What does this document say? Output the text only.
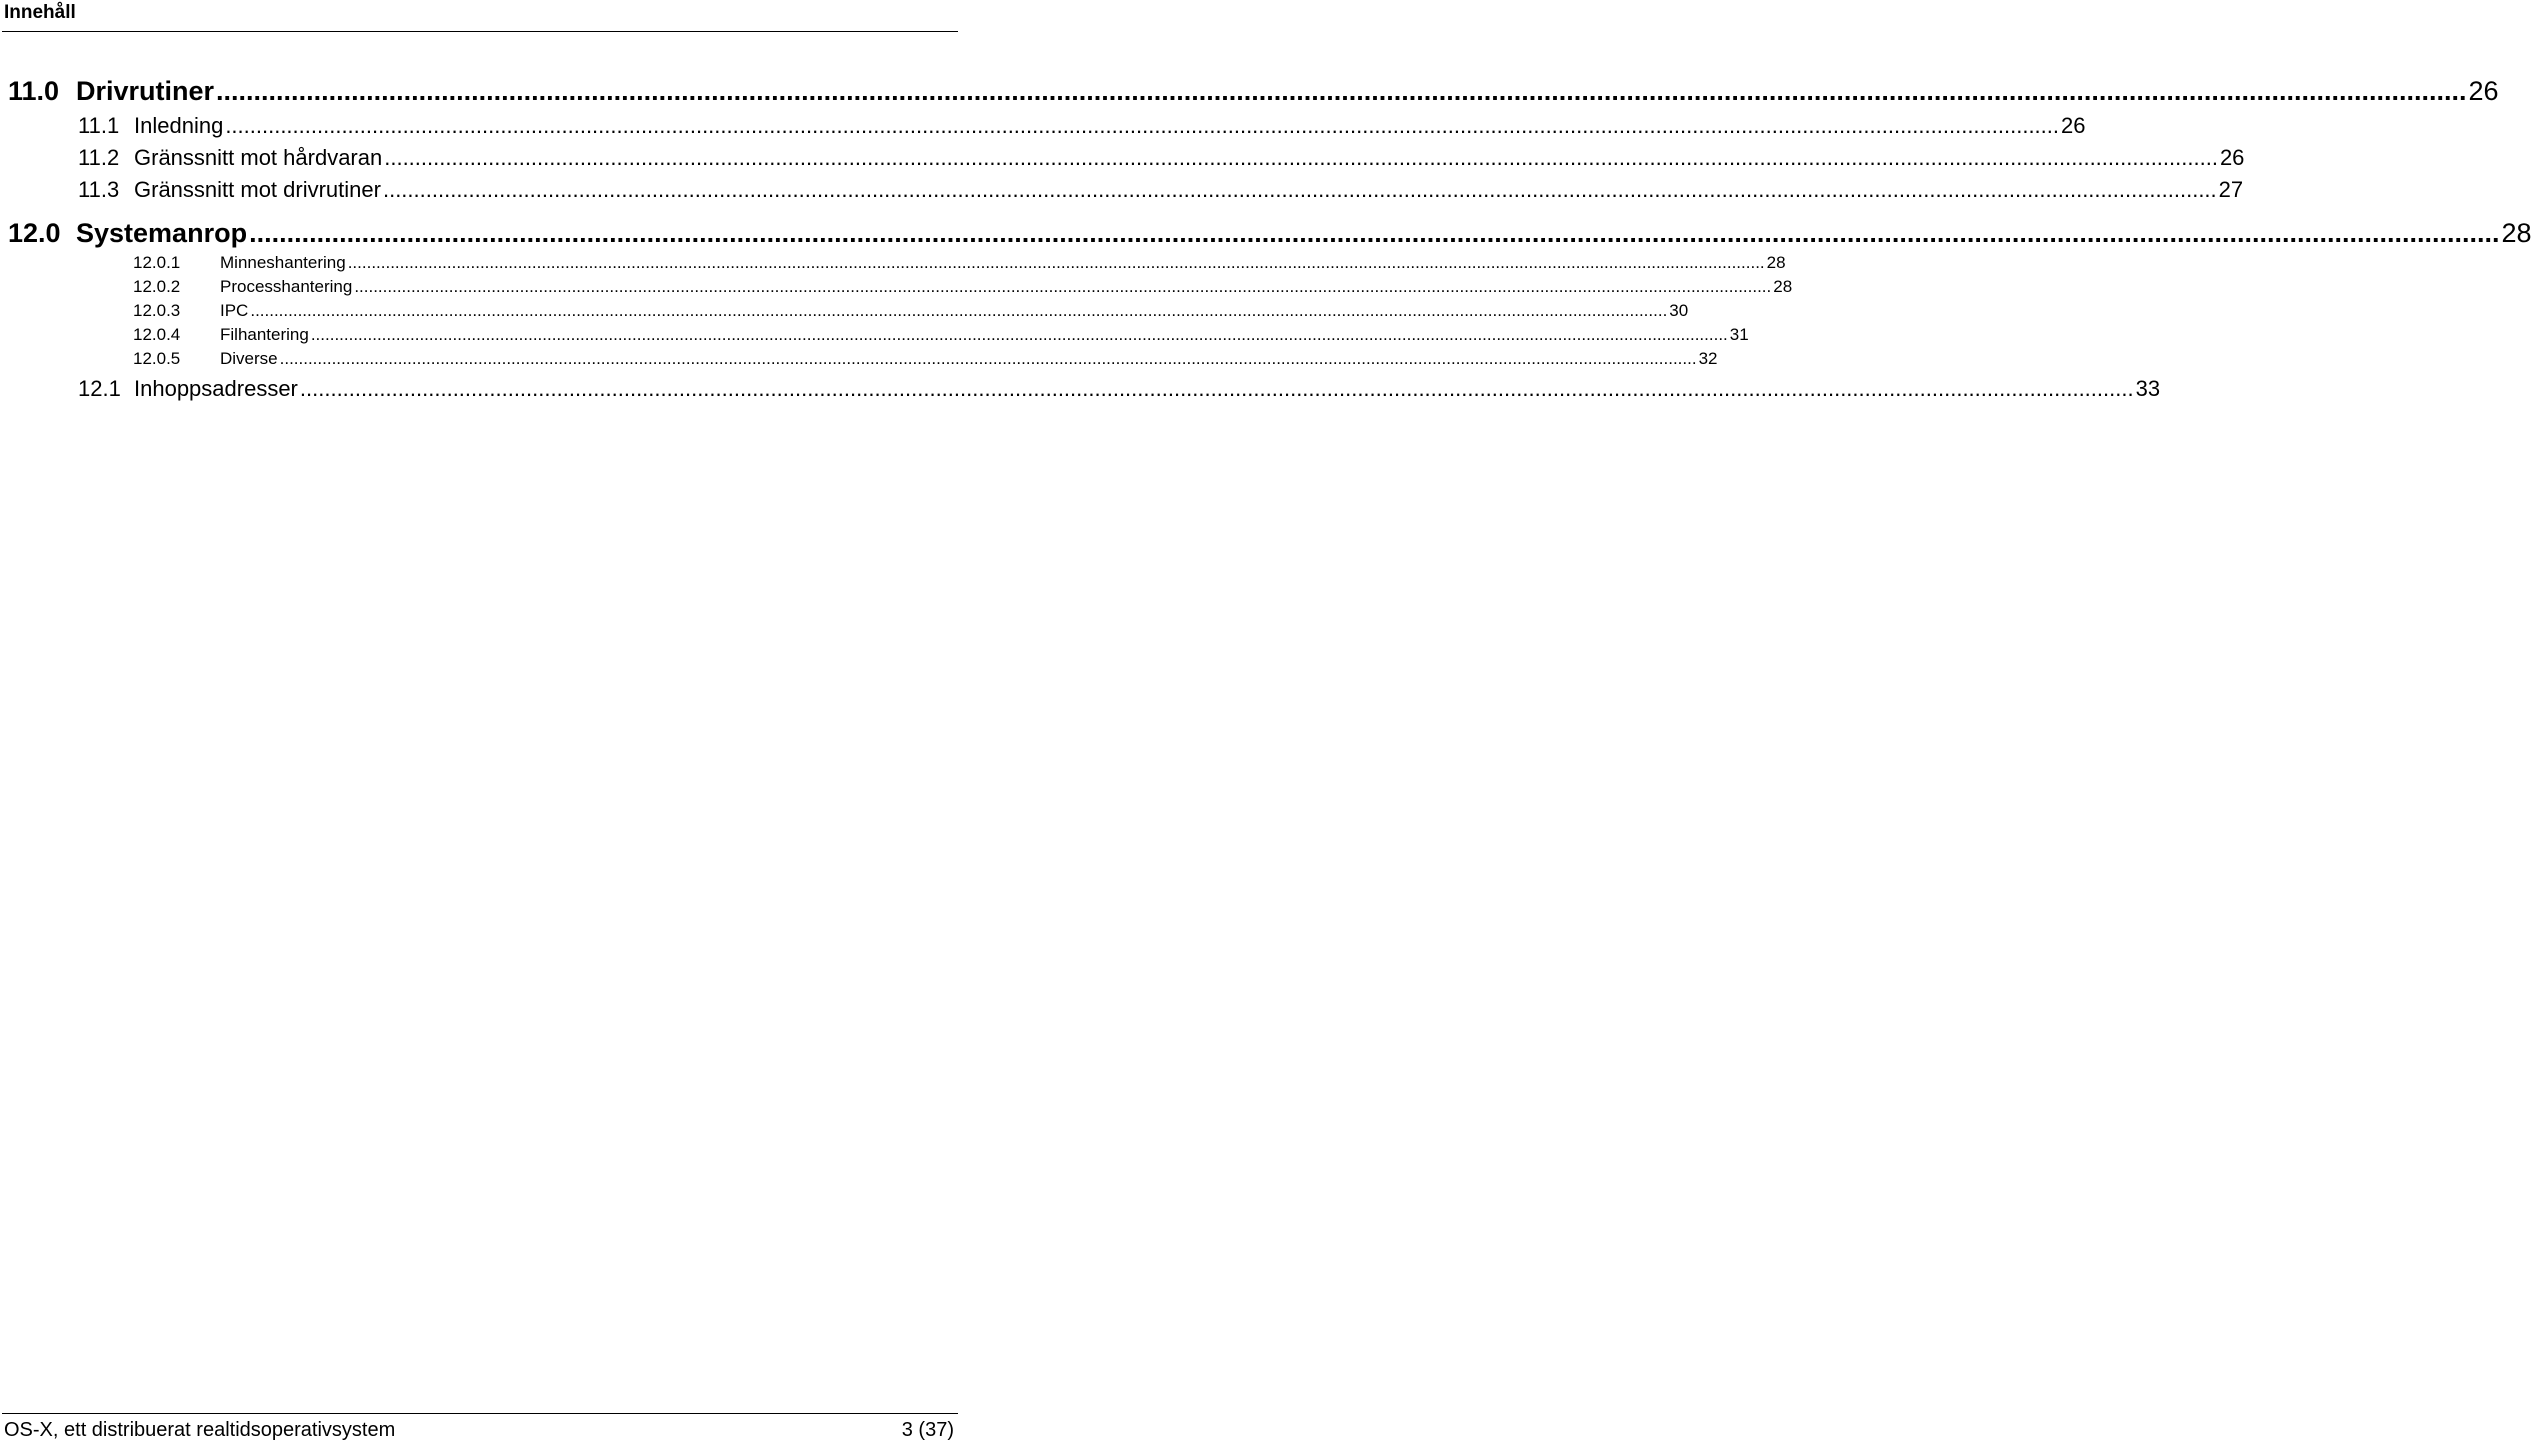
Innehåll
11.0 Drivrutiner ............................................................................................................................................................................................................................................................................................................ 26
11.1 Inledning ............................................................................................................................................................................................................................................................................................................ 26
11.2 Gränssnitt mot hårdvaran ............................................................................................................................................................................................................................................................................................................ 26
11.3 Gränssnitt mot drivrutiner ............................................................................................................................................................................................................................................................................................................ 27
12.0 Systemanrop ............................................................................................................................................................................................................................................................................................................ 28
12.0.1	Minneshantering ............................................................................................................................................................................................................................................................................................................ 28
12.0.2	Processhantering ............................................................................................................................................................................................................................................................................................................ 28
12.0.3	IPC ............................................................................................................................................................................................................................................................................................................ 30
12.0.4	Filhantering ............................................................................................................................................................................................................................................................................................................ 31
12.0.5	Diverse ............................................................................................................................................................................................................................................................................................................ 32
12.1 Inhoppsadresser ............................................................................................................................................................................................................................................................................................................ 33
OS-X, ett distribuerat realtidsoperativsystem	3 (37)
